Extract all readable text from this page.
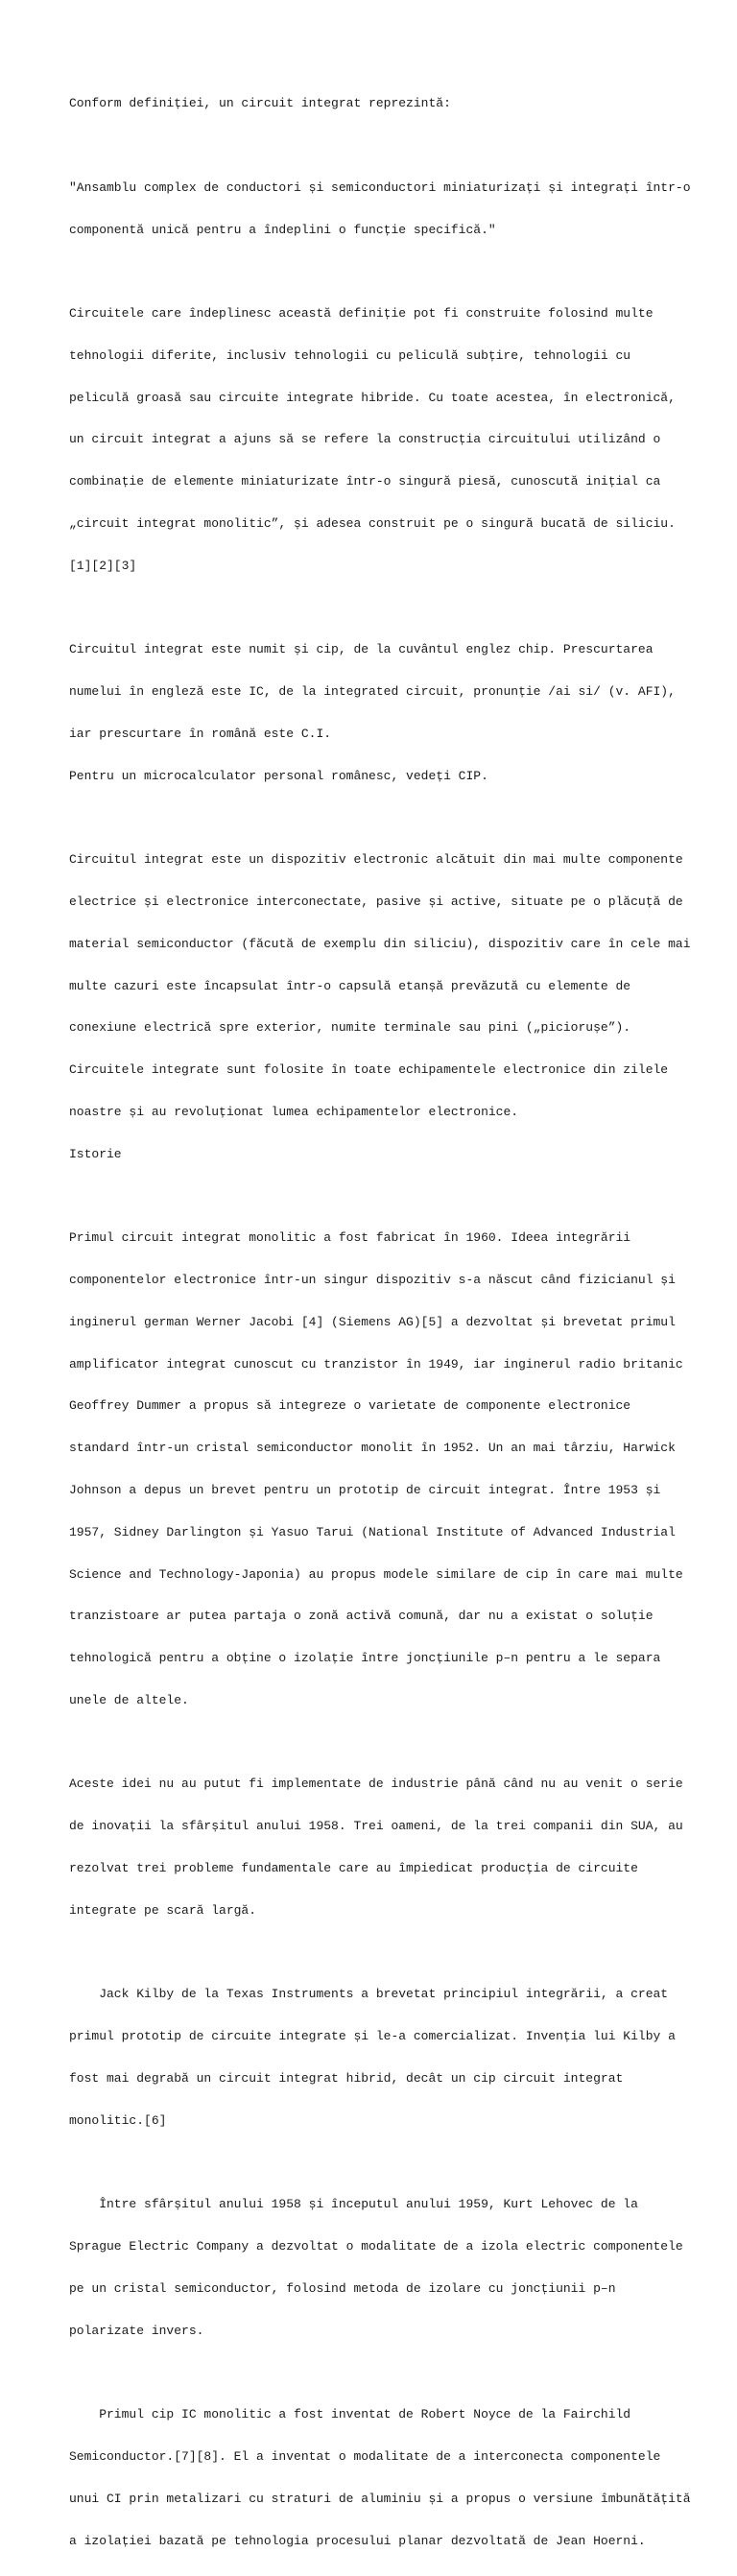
Conform definiției, un circuit integrat reprezintă:

"Ansamblu complex de conductori și semiconductori miniaturizați și integrați într-o

componentă unică pentru a îndeplini o funcție specifică."

Circuitele care îndeplinesc această definiție pot fi construite folosind multe

tehnologii diferite, inclusiv tehnologii cu peliculă subțire, tehnologii cu

peliculă groasă sau circuite integrate hibride. Cu toate acestea, în electronică,

un circuit integrat a ajuns să se refere la construcția circuitului utilizând o

combinație de elemente miniaturizate într-o singură piesă, cunoscută inițial ca

„circuit integrat monolitic”, și adesea construit pe o singură bucată de siliciu.

[1][2][3]

Circuitul integrat este numit și cip, de la cuvântul englez chip. Prescurtarea

numelui în engleză este IC, de la integrated circuit, pronunție /ai si/ (v. AFI),

iar prescurtare în română este C.I.

Pentru un microcalculator personal românesc, vedeți CIP.

Circuitul integrat este un dispozitiv electronic alcătuit din mai multe componente

electrice și electronice interconectate, pasive și active, situate pe o plăcuță de

material semiconductor (făcută de exemplu din siliciu), dispozitiv care în cele mai

multe cazuri este încapsulat într-o capsulă etanșă prevăzută cu elemente de

conexiune electrică spre exterior, numite terminale sau pini („piciorușe”).

Circuitele integrate sunt folosite în toate echipamentele electronice din zilele

noastre și au revoluționat lumea echipamentelor electronice.

Istorie

Primul circuit integrat monolitic a fost fabricat în 1960. Ideea integrării

componentelor electronice într-un singur dispozitiv s-a născut când fizicianul și

inginerul german Werner Jacobi [4] (Siemens AG)[5] a dezvoltat și brevetat primul

amplificator integrat cunoscut cu tranzistor în 1949, iar inginerul radio britanic

Geoffrey Dummer a propus să integreze o varietate de componente electronice

standard într-un cristal semiconductor monolit în 1952. Un an mai târziu, Harwick

Johnson a depus un brevet pentru un prototip de circuit integrat. Între 1953 și

1957, Sidney Darlington și Yasuo Tarui (National Institute of Advanced Industrial

Science and Technology-Japonia) au propus modele similare de cip în care mai multe

tranzistoare ar putea partaja o zonă activă comună, dar nu a existat o soluție

tehnologică pentru a obține o izolație între joncțiunile p–n pentru a le separa

unele de altele.

Aceste idei nu au putut fi implementate de industrie până când nu au venit o serie

de inovații la sfârșitul anului 1958. Trei oameni, de la trei companii din SUA, au

rezolvat trei probleme fundamentale care au împiedicat producția de circuite

integrate pe scară largă.

Jack Kilby de la Texas Instruments a brevetat principiul integrării, a creat

primul prototip de circuite integrate și le-a comercializat. Invenția lui Kilby a

fost mai degrabă un circuit integrat hibrid, decât un cip circuit integrat

monolitic.[6]

Între sfârșitul anului 1958 și începutul anului 1959, Kurt Lehovec de la

Sprague Electric Company a dezvoltat o modalitate de a izola electric componentele

pe un cristal semiconductor, folosind metoda de izolare cu joncțiunii p–n

polarizate invers.

Primul cip IC monolitic a fost inventat de Robert Noyce de la Fairchild

Semiconductor.[7][8]. El a inventat o modalitate de a interconecta componentele

unui CI prin metalizari cu straturi de aluminiu și a propus o versiune îmbunătățită

a izolației bazată pe tehnologia procesului planar dezvoltată de Jean Hoerni.
